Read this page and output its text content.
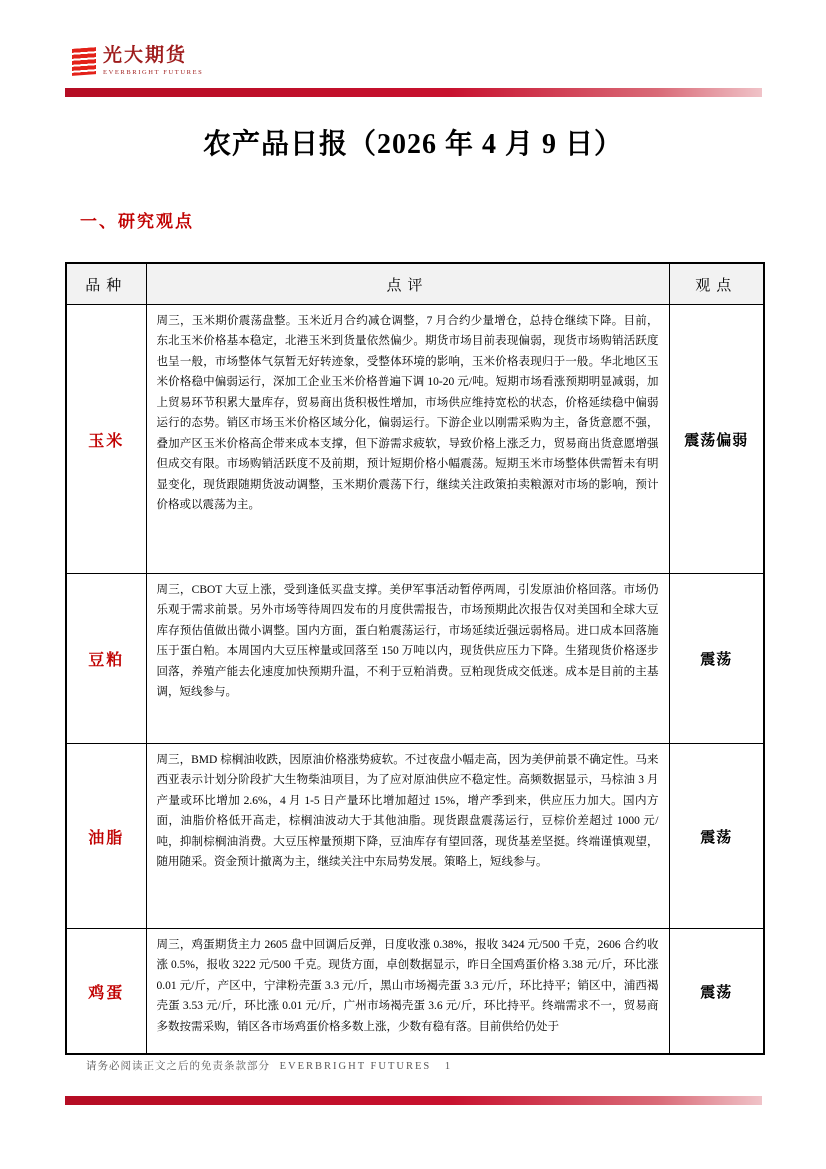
光大期货
EVERBRIGHT FUTURES
农产品日报（2026 年 4 月 9 日）
一、研究观点
品种	点评	观点
玉米	周三，玉米期价震荡盘整。玉米近月合约减仓调整，7 月合约少量增仓，总持仓继续下降。目前，东北玉米价格基本稳定，北港玉米到货量依然偏少。期货市场目前表现偏弱，现货市场购销活跃度也呈一般，市场整体气氛暂无好转迹象，受整体环境的影响，玉米价格表现归于一般。华北地区玉米价格稳中偏弱运行，深加工企业玉米价格普遍下调 10-20 元/吨。短期市场看涨预期明显减弱，加上贸易环节积累大量库存，贸易商出货积极性增加，市场供应维持宽松的状态，价格延续稳中偏弱运行的态势。销区市场玉米价格区域分化，偏弱运行。下游企业以刚需采购为主，备货意愿不强，叠加产区玉米价格高企带来成本支撑，但下游需求疲软，导致价格上涨乏力，贸易商出货意愿增强但成交有限。市场购销活跃度不及前期，预计短期价格小幅震荡。短期玉米市场整体供需暂未有明显变化，现货跟随期货波动调整，玉米期价震荡下行，继续关注政策拍卖粮源对市场的影响，预计价格或以震荡为主。	震荡偏弱
豆粕	周三，CBOT 大豆上涨，受到逢低买盘支撑。美伊军事活动暂停两周，引发原油价格回落。市场仍乐观于需求前景。另外市场等待周四发布的月度供需报告，市场预期此次报告仅对美国和全球大豆库存预估值做出微小调整。国内方面，蛋白粕震荡运行，市场延续近强远弱格局。进口成本回落施压于蛋白粕。本周国内大豆压榨量或回落至 150 万吨以内，现货供应压力下降。生猪现货价格逐步回落，养殖产能去化速度加快预期升温，不利于豆粕消费。豆粕现货成交低迷。成本是目前的主基调，短线参与。	震荡
油脂	周三，BMD 棕榈油收跌，因原油价格涨势疲软。不过夜盘小幅走高，因为美伊前景不确定性。马来西亚表示计划分阶段扩大生物柴油项目，为了应对原油供应不稳定性。高频数据显示，马棕油 3 月产量或环比增加 2.6%，4 月 1-5 日产量环比增加超过 15%，增产季到来，供应压力加大。国内方面，油脂价格低开高走，棕榈油波动大于其他油脂。现货跟盘震荡运行，豆棕价差超过 1000 元/吨，抑制棕榈油消费。大豆压榨量预期下降，豆油库存有望回落，现货基差坚挺。终端谨慎观望，随用随采。资金预计撤离为主，继续关注中东局势发展。策略上，短线参与。	震荡
鸡蛋	周三，鸡蛋期货主力 2605 盘中回调后反弹，日度收涨 0.38%，报收 3424 元/500 千克，2606 合约收涨 0.5%，报收 3222 元/500 千克。现货方面，卓创数据显示，昨日全国鸡蛋价格 3.38 元/斤，环比涨 0.01 元/斤，产区中，宁津粉壳蛋 3.3 元/斤，黑山市场褐壳蛋 3.3 元/斤，环比持平；销区中，浦西褐壳蛋 3.53 元/斤，环比涨 0.01 元/斤，广州市场褐壳蛋 3.6 元/斤，环比持平。终端需求不一，贸易商多数按需采购，销区各市场鸡蛋价格多数上涨，少数有稳有落。目前供给仍处于	震荡
请务必阅读正文之后的免责条款部分 EVERBRIGHT FUTURES 1
